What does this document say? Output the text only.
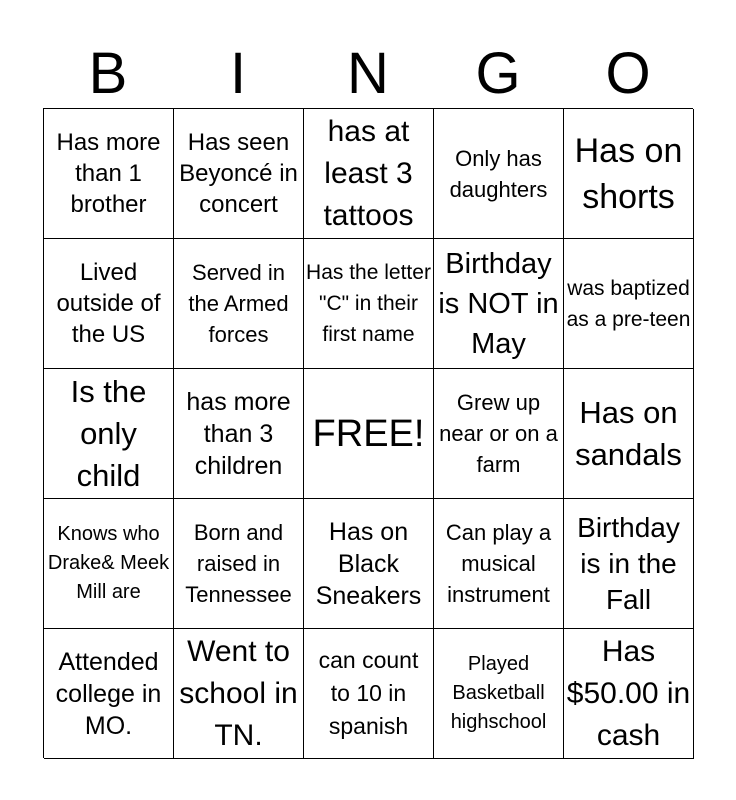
B	I	N	G	O
Has more than 1 brother
Has seen Beyoncé in concert
has at least 3 tattoos
Only has daughters
Has on shorts
Lived outside of the US
Served in the Armed forces
Has the letter "C" in their first name
Birthday is NOT in May
was baptized as a pre-teen
Is the only child
has more than 3 children
FREE!
Grew up near or on a farm
Has on sandals
Knows who Drake& Meek Mill are
Born and raised in Tennessee
Has on Black Sneakers
Can play a musical instrument
Birthday is in the Fall
Attended college in MO.
Went to school in TN.
can count to 10 in spanish
Played Basketball highschool
Has $50.00 in cash
